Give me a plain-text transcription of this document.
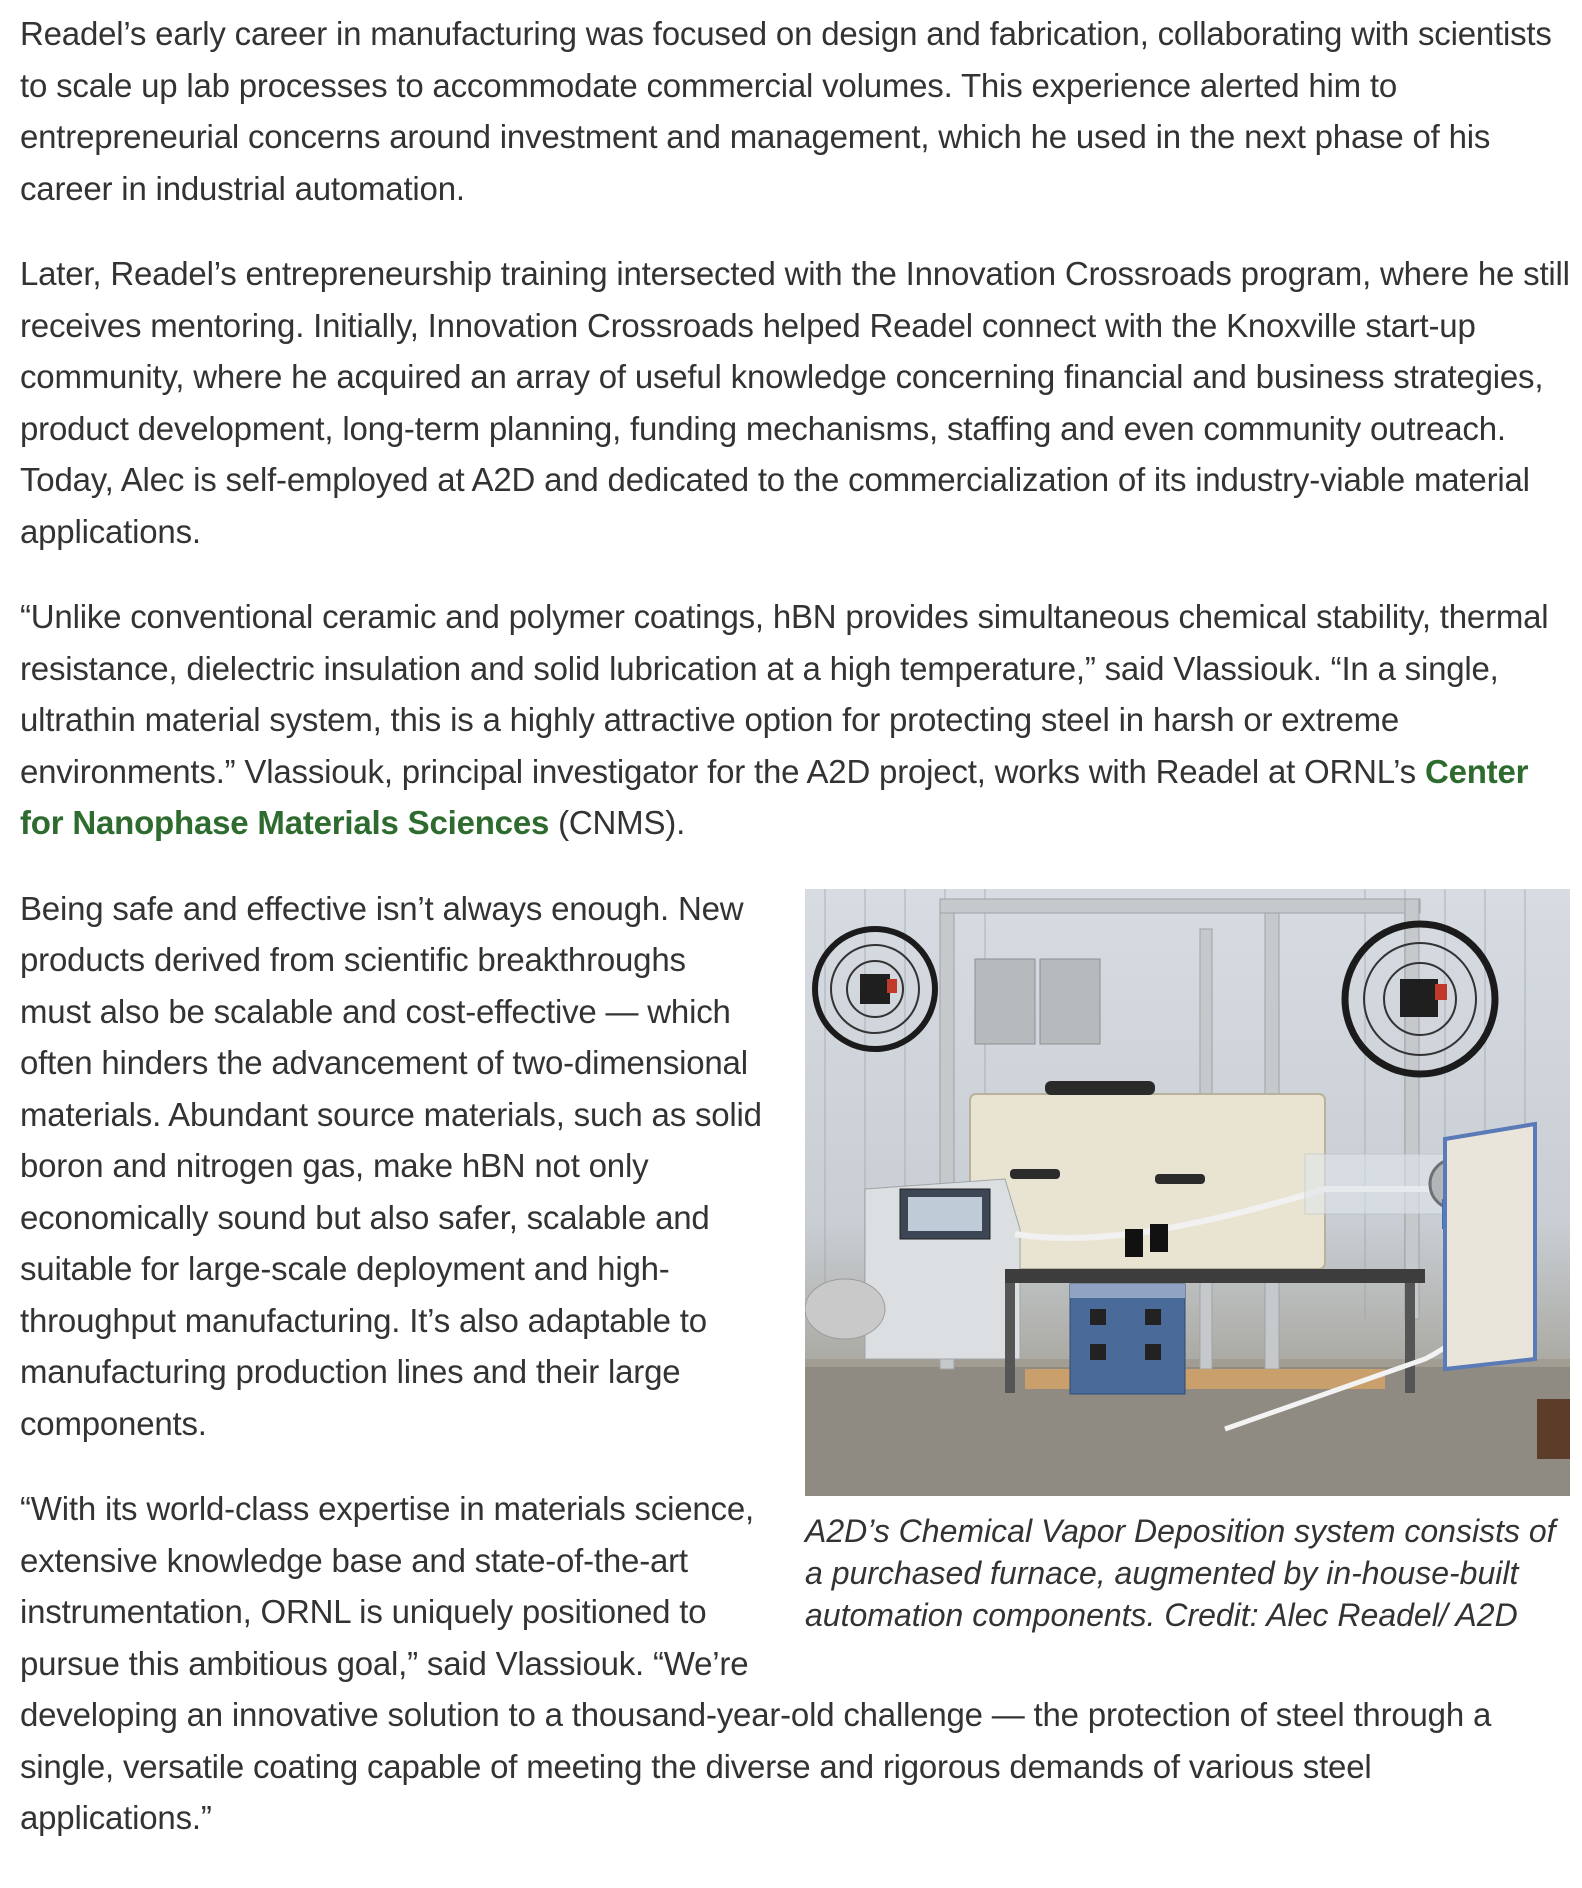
Readel’s early career in manufacturing was focused on design and fabrication, collaborating with scientists to scale up lab processes to accommodate commercial volumes. This experience alerted him to entrepreneurial concerns around investment and management, which he used in the next phase of his career in industrial automation.

Later, Readel’s entrepreneurship training intersected with the Innovation Crossroads program, where he still receives mentoring. Initially, Innovation Crossroads helped Readel connect with the Knoxville start-up community, where he acquired an array of useful knowledge concerning financial and business strategies, product development, long-term planning, funding mechanisms, staffing and even community outreach. Today, Alec is self-employed at A2D and dedicated to the commercialization of its industry-viable material applications.

“Unlike conventional ceramic and polymer coatings, hBN provides simultaneous chemical stability, thermal resistance, dielectric insulation and solid lubrication at a high temperature,” said Vlassiouk. “In a single, ultrathin material system, this is a highly attractive option for protecting steel in harsh or extreme environments.” Vlassiouk, principal investigator for the A2D project, works with Readel at ORNL’s Center for Nanophase Materials Sciences (CNMS).

A2D’s Chemical Vapor Deposition system consists of a purchased furnace, augmented by in-house-built automation components. Credit: Alec Readel/ A2D

Being safe and effective isn’t always enough. New products derived from scientific breakthroughs must also be scalable and cost-effective — which often hinders the advancement of two-dimensional materials. Abundant source materials, such as solid boron and nitrogen gas, make hBN not only economically sound but also safer, scalable and suitable for large-scale deployment and high-throughput manufacturing. It’s also adaptable to manufacturing production lines and their large components.

“With its world-class expertise in materials science, extensive knowledge base and state-of-the-art instrumentation, ORNL is uniquely positioned to pursue this ambitious goal,” said Vlassiouk. “We’re developing an innovative solution to a thousand-year-old challenge — the protection of steel through a single, versatile coating capable of meeting the diverse and rigorous demands of various steel applications.”
